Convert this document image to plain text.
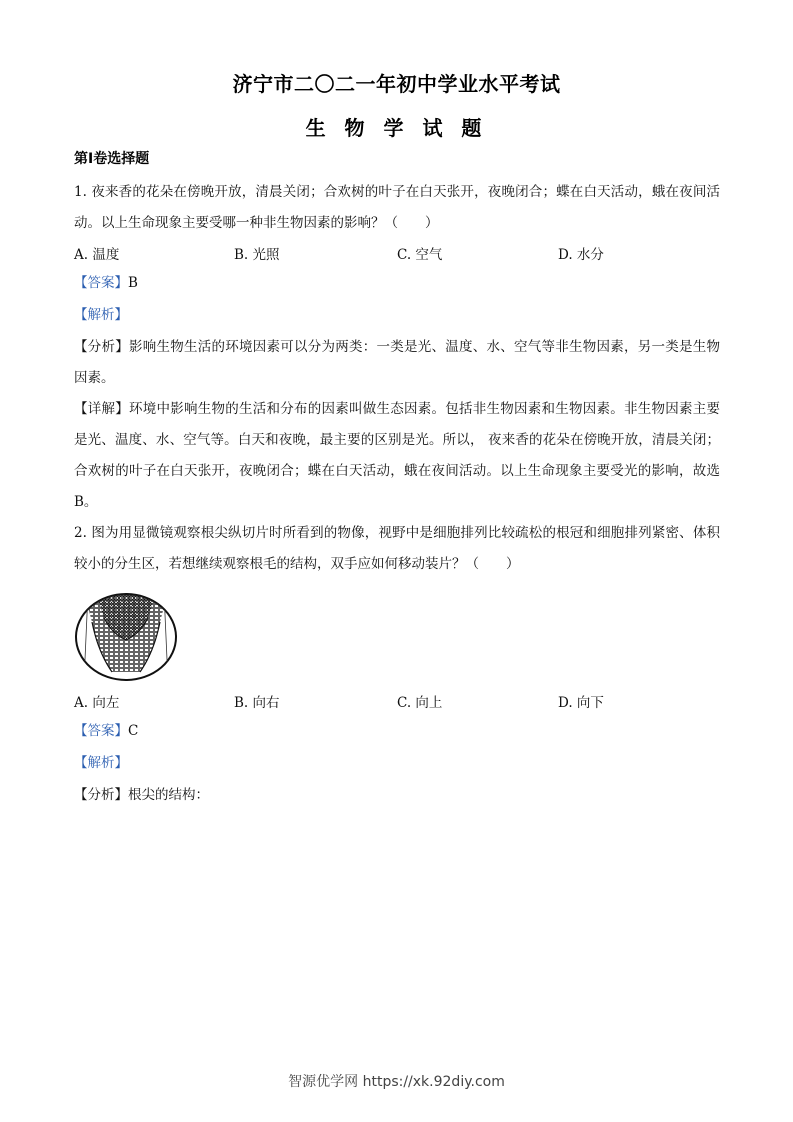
济宁市二〇二一年初中学业水平考试
生 物 学 试 题
第Ⅰ卷选择题
1. 夜来香的花朵在傍晚开放，清晨关闭；合欢树的叶子在白天张开，夜晚闭合；蝶在白天活动，蛾在夜间活动。以上生命现象主要受哪一种非生物因素的影响？（　　）
A. 温度	B. 光照	C. 空气	D. 水分
【答案】B
【解析】
【分析】影响生物生活的环境因素可以分为两类：一类是光、温度、水、空气等非生物因素，另一类是生物因素。
【详解】环境中影响生物的生活和分布的因素叫做生态因素。包括非生物因素和生物因素。非生物因素主要是光、温度、水、空气等。白天和夜晚，最主要的区别是光。所以， 夜来香的花朵在傍晚开放，清晨关闭；合欢树的叶子在白天张开，夜晚闭合；蝶在白天活动，蛾在夜间活动。以上生命现象主要受光的影响，故选B。
2. 图为用显微镜观察根尖纵切片时所看到的物像，视野中是细胞排列比较疏松的根冠和细胞排列紧密、体积较小的分生区，若想继续观察根毛的结构，双手应如何移动装片？（　　）
A. 向左	B. 向右	C. 向上	D. 向下
【答案】C
【解析】
【分析】根尖的结构：
智源优学网 https://xk.92diy.com
